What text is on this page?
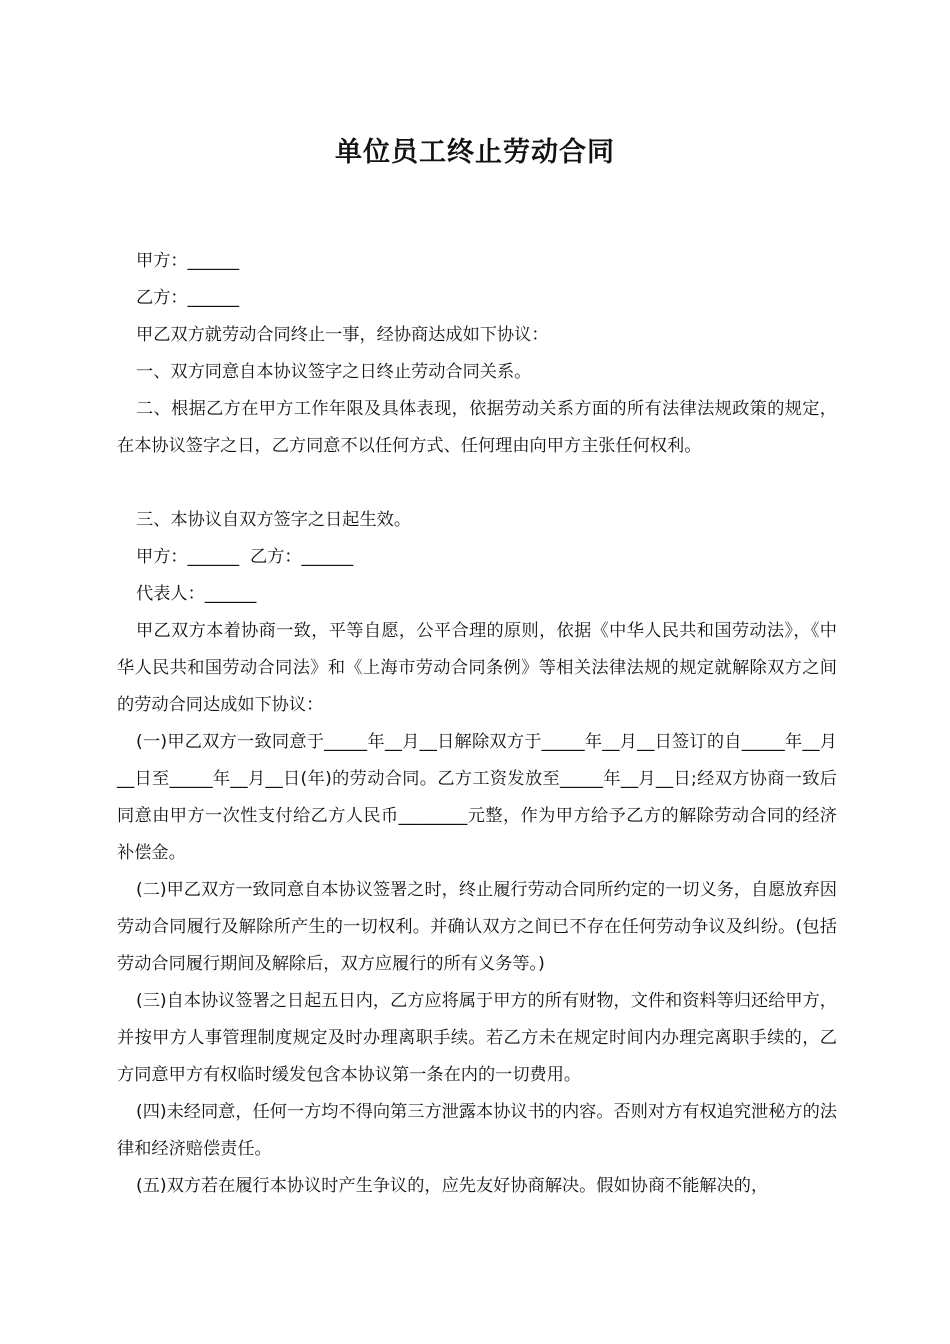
单位员工终止劳动合同

甲方：______

乙方：______

甲乙双方就劳动合同终止一事，经协商达成如下协议：

一、双方同意自本协议签字之日终止劳动合同关系。

二、根据乙方在甲方工作年限及具体表现，依据劳动关系方面的所有法律法规政策的规定，在本协议签字之日，乙方同意不以任何方式、任何理由向甲方主张任何权利。

三、本协议自双方签字之日起生效。

甲方：______  乙方：______

代表人：______

甲乙双方本着协商一致，平等自愿，公平合理的原则，依据《中华人民共和国劳动法》，《中华人民共和国劳动合同法》和《上海市劳动合同条例》等相关法律法规的规定就解除双方之间的劳动合同达成如下协议：

(一)甲乙双方一致同意于_____年__月__日解除双方于_____年__月__日签订的自_____年__月__日至_____年__月__日(年)的劳动合同。乙方工资发放至_____年__月__日;经双方协商一致后同意由甲方一次性支付给乙方人民币________元整，作为甲方给予乙方的解除劳动合同的经济补偿金。

(二)甲乙双方一致同意自本协议签署之时，终止履行劳动合同所约定的一切义务，自愿放弃因劳动合同履行及解除所产生的一切权利。并确认双方之间已不存在任何劳动争议及纠纷。(包括劳动合同履行期间及解除后，双方应履行的所有义务等。)

(三)自本协议签署之日起五日内，乙方应将属于甲方的所有财物，文件和资料等归还给甲方，并按甲方人事管理制度规定及时办理离职手续。若乙方未在规定时间内办理完离职手续的，乙方同意甲方有权临时缓发包含本协议第一条在内的一切费用。

(四)未经同意，任何一方均不得向第三方泄露本协议书的内容。否则对方有权追究泄秘方的法律和经济赔偿责任。

(五)双方若在履行本协议时产生争议的，应先友好协商解决。假如协商不能解决的，
